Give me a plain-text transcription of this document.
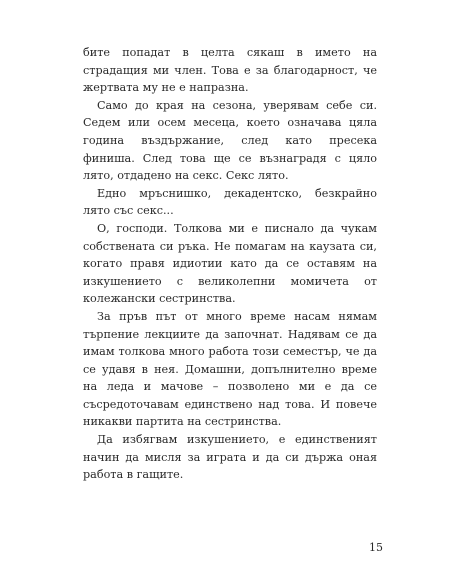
бите попадат в целта сякаш в името на страдащия ми член. Това е за благодарност, че жертвата му не е напразна.

Само до края на сезона, уверявам себе си. Седем или осем месеца, което означава цяла година въздържание, след като пресека финиша. След това ще се възнаградя с цяло лято, отдадено на секс. Секс лято.

Едно мръснишко, декадентско, безкрайно лято със секс...

О, господи. Толкова ми е писнало да чукам собствената си ръка. Не помагам на каузата си, когато правя идиотии като да се оставям на изкушението с великолепни момичета от колежански сестринства.

За пръв път от много време насам нямам търпение лекциите да започнат. Надявам се да имам толкова много работа този семестър, че да се удавя в нея. Домашни, допълнително време на леда и мачове – позволено ми е да се съсредоточавам единствено над това. И повече никакви партита на сестринства.

Да избягвам изкушението, е единственият начин да мисля за играта и да си държа оная работа в гащите.

15
